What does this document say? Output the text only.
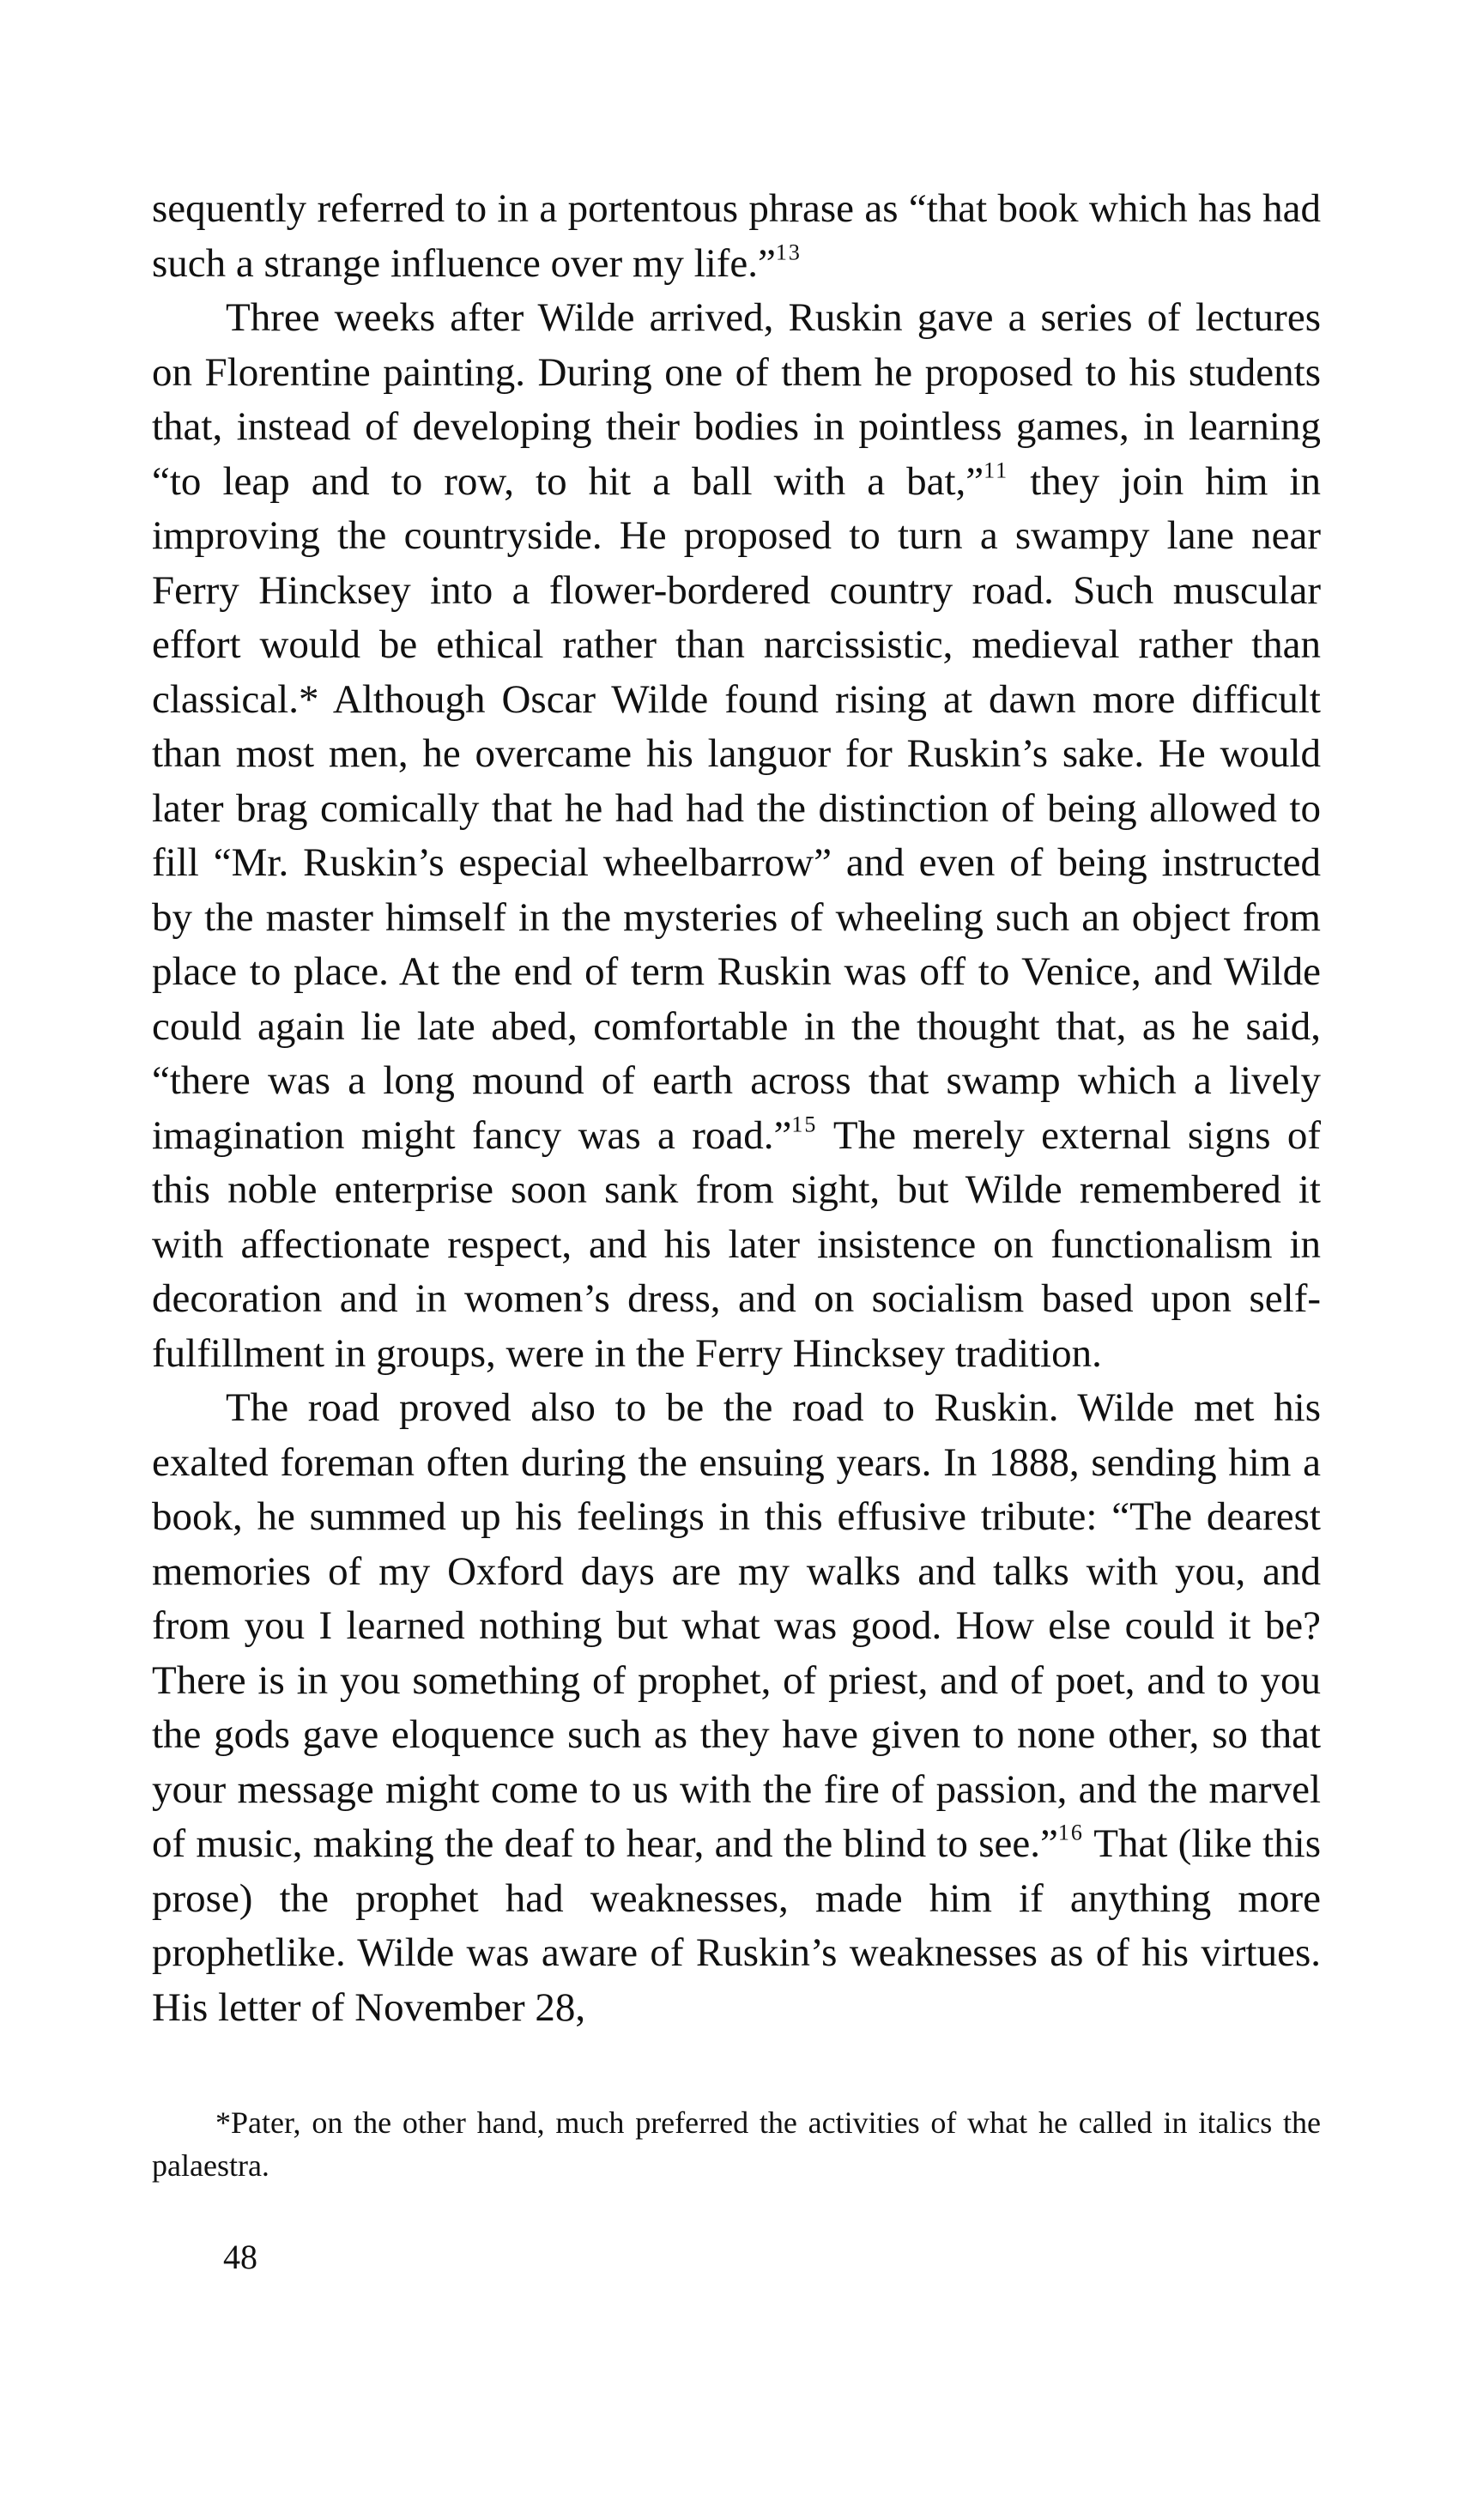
sequently referred to in a portentous phrase as “that book which has had such a strange influence over my life.”$^{13}$

Three weeks after Wilde arrived, Ruskin gave a series of lectures on Florentine painting. During one of them he proposed to his students that, instead of developing their bodies in pointless games, in learning “to leap and to row, to hit a ball with a bat,”$^{11}$ they join him in improving the countryside. He proposed to turn a swampy lane near Ferry Hincksey into a flower-bordered country road. Such muscular effort would be ethical rather than narcissistic, medieval rather than classical.* Although Oscar Wilde found rising at dawn more difficult than most men, he overcame his languor for Ruskin’s sake. He would later brag comically that he had had the distinction of being allowed to fill “Mr. Ruskin’s especial wheelbarrow” and even of being instructed by the master himself in the mysteries of wheeling such an object from place to place. At the end of term Ruskin was off to Venice, and Wilde could again lie late abed, comfortable in the thought that, as he said, “there was a long mound of earth across that swamp which a lively imagination might fancy was a road.”$^{15}$ The merely external signs of this noble enterprise soon sank from sight, but Wilde remembered it with affectionate respect, and his later insistence on functionalism in decoration and in women’s dress, and on socialism based upon self-fulfillment in groups, were in the Ferry Hincksey tradition.

The road proved also to be the road to Ruskin. Wilde met his exalted foreman often during the ensuing years. In 1888, sending him a book, he summed up his feelings in this effusive tribute: “The dearest memories of my Oxford days are my walks and talks with you, and from you I learned nothing but what was good. How else could it be? There is in you something of prophet, of priest, and of poet, and to you the gods gave eloquence such as they have given to none other, so that your message might come to us with the fire of passion, and the marvel of music, making the deaf to hear, and the blind to see.”$^{16}$ That (like this prose) the prophet had weaknesses, made him if anything more prophetlike. Wilde was aware of Ruskin’s weaknesses as of his virtues. His letter of November 28,

*Pater, on the other hand, much preferred the activities of what he called in italics the palaestra.

48
